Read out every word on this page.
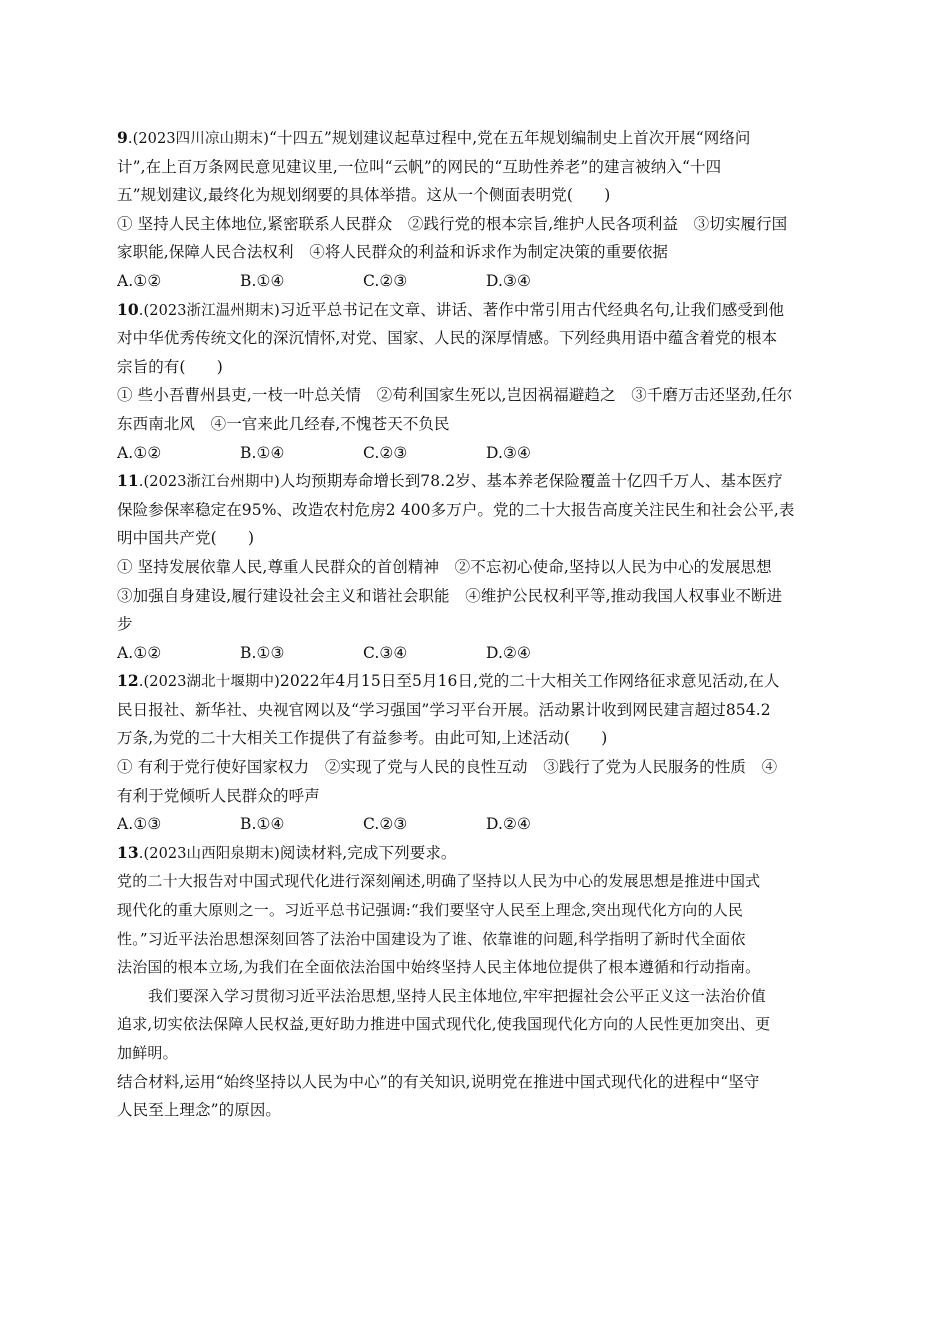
9.(2023四川凉山期末)“十四五”规划建议起草过程中,党在五年规划编制史上首次开展“网络问
计”,在上百万条网民意见建议里,一位叫“云帆”的网民的“互助性养老”的建言被纳入“十四
五”规划建议,最终化为规划纲要的具体举措。这从一个侧面表明党(　　)
① 坚持人民主体地位,紧密联系人民群众　②践行党的根本宗旨,维护人民各项利益　③切实履行国
家职能,保障人民合法权利　④将人民群众的利益和诉求作为制定决策的重要依据
A.①②	B.①④	C.②③	D.③④
10.(2023浙江温州期末)习近平总书记在文章、讲话、著作中常引用古代经典名句,让我们感受到他
对中华优秀传统文化的深沉情怀,对党、国家、人民的深厚情感。下列经典用语中蕴含着党的根本
宗旨的有(　　)
① 些小吾曹州县吏,一枝一叶总关情　②苟利国家生死以,岂因祸福避趋之　③千磨万击还坚劲,任尔
东西南北风　④一官来此几经春,不愧苍天不负民
A.①②	B.①④	C.②③	D.③④
11.(2023浙江台州期中)人均预期寿命增长到78.2岁、基本养老保险覆盖十亿四千万人、基本医疗
保险参保率稳定在95%、改造农村危房2 400多万户。党的二十大报告高度关注民生和社会公平,表
明中国共产党(　　)
① 坚持发展依靠人民,尊重人民群众的首创精神　②不忘初心使命,坚持以人民为中心的发展思想
③加强自身建设,履行建设社会主义和谐社会职能　④维护公民权利平等,推动我国人权事业不断进
步
A.①②	B.①③	C.③④	D.②④
12.(2023湖北十堰期中)2022年4月15日至5月16日,党的二十大相关工作网络征求意见活动,在人
民日报社、新华社、央视官网以及“学习强国”学习平台开展。活动累计收到网民建言超过854.2
万条,为党的二十大相关工作提供了有益参考。由此可知,上述活动(　　)
① 有利于党行使好国家权力　②实现了党与人民的良性互动　③践行了党为人民服务的性质　④
有利于党倾听人民群众的呼声
A.①③	B.①④	C.②③	D.②④
13.(2023山西阳泉期末)阅读材料,完成下列要求。
党的二十大报告对中国式现代化进行深刻阐述,明确了坚持以人民为中心的发展思想是推进中国式
现代化的重大原则之一。习近平总书记强调:“我们要坚守人民至上理念,突出现代化方向的人民
性。”习近平法治思想深刻回答了法治中国建设为了谁、依靠谁的问题,科学指明了新时代全面依
法治国的根本立场,为我们在全面依法治国中始终坚持人民主体地位提供了根本遵循和行动指南。
我们要深入学习贯彻习近平法治思想,坚持人民主体地位,牢牢把握社会公平正义这一法治价值
追求,切实依法保障人民权益,更好助力推进中国式现代化,使我国现代化方向的人民性更加突出、更
加鲜明。
结合材料,运用“始终坚持以人民为中心”的有关知识,说明党在推进中国式现代化的进程中“坚守
人民至上理念”的原因。
